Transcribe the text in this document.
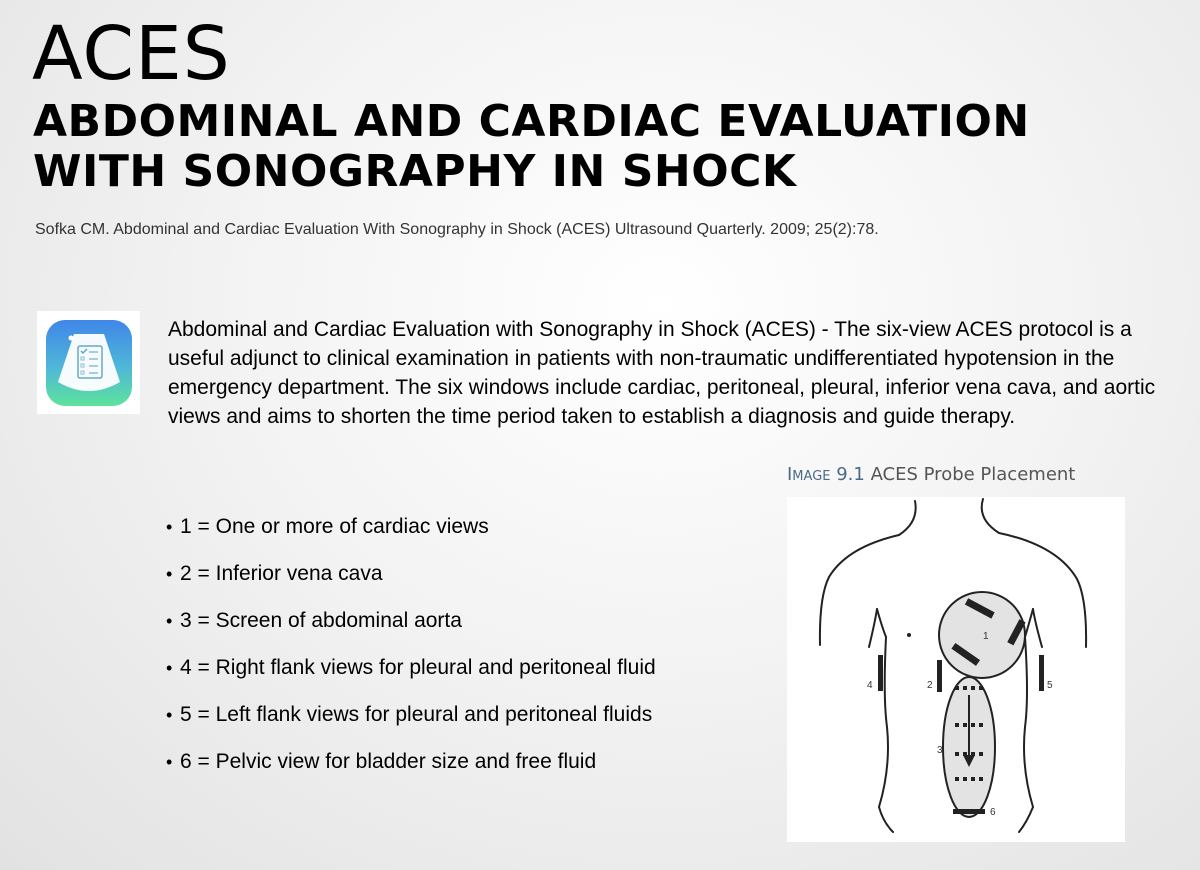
ACES
ABDOMINAL AND CARDIAC EVALUATION WITH SONOGRAPHY IN SHOCK
Sofka CM. Abdominal and Cardiac Evaluation With Sonography in Shock (ACES) Ultrasound Quarterly. 2009; 25(2):78.

Abdominal and Cardiac Evaluation with Sonography in Shock (ACES) - The six-view ACES protocol is a useful adjunct to clinical examination in patients with non-traumatic undifferentiated hypotension in the emergency department. The six windows include cardiac, peritoneal, pleural, inferior vena cava, and aortic views and aims to shorten the time period taken to establish a diagnosis and guide therapy.

• 1 = One or more of cardiac views
• 2 = Inferior vena cava
• 3 = Screen of abdominal aorta
• 4 = Right flank views for pleural and peritoneal fluid
• 5 = Left flank views for pleural and peritoneal fluids
• 6 = Pelvic view for bladder size and free fluid
Image 9.1 ACES Probe Placement
1
3
2
4	5
6
